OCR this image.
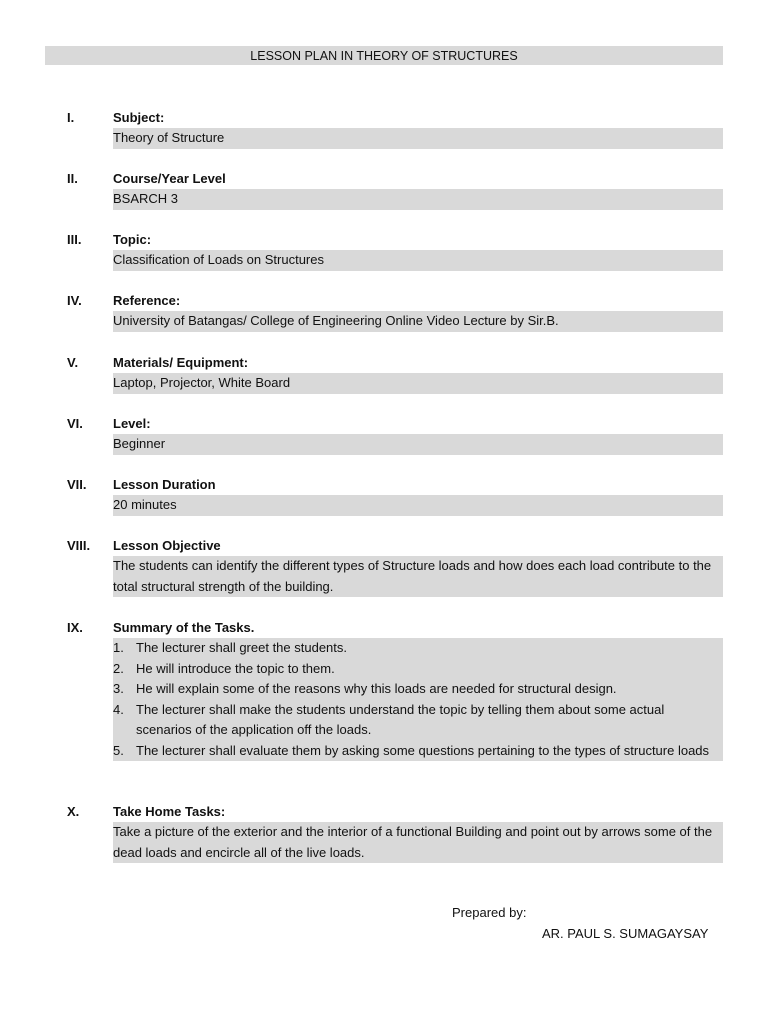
LESSON PLAN IN THEORY OF STRUCTURES
I.	Subject:
Theory of Structure
II.	Course/Year Level
BSARCH 3
III. Topic:
Classification of Loads on Structures
IV. Reference:
University of Batangas/ College of Engineering Online Video Lecture by Sir.B.
V.	Materials/ Equipment:
Laptop, Projector, White Board
VI. Level:
Beginner
VII. Lesson Duration
20 minutes
VIII. Lesson Objective
The students can identify the different types of Structure loads and how does each load contribute to the total structural strength of the building.
IX. Summary of the Tasks.
1. The lecturer shall greet the students.
2. He will introduce the topic to them.
3. He will explain some of the reasons why this loads are needed for structural design.
4. The lecturer shall make the students understand the topic by telling them about some actual scenarios of the application off the loads.
5. The lecturer shall evaluate them by asking some questions pertaining to the types of structure loads
X.	Take Home Tasks:
Take a picture of the exterior and the interior of a functional Building and point out by arrows some of the dead loads and encircle all of the live loads.
Prepared by:
AR. PAUL S. SUMAGAYSAY
